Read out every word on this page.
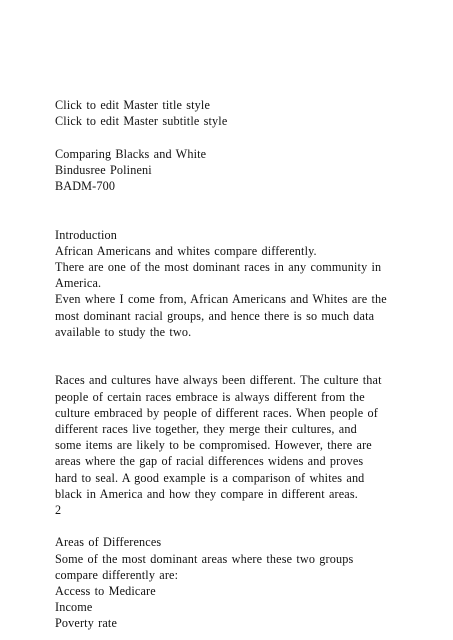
Click to edit Master title style
Click to edit Master subtitle style
Comparing Blacks and White
Bindusree Polineni
BADM-700
Introduction
African Americans and whites compare differently.
There are one of the most dominant races in any community in
America.
Even where I come from, African Americans and Whites are the
most dominant racial groups, and hence there is so much data
available to study the two.
Races and cultures have always been different. The culture that
people of certain races embrace is always different from the
culture embraced by people of different races. When people of
different races live together, they merge their cultures, and
some items are likely to be compromised. However, there are
areas where the gap of racial differences widens and proves
hard to seal. A good example is a comparison of whites and
black in America and how they compare in different areas.
2
Areas of Differences
Some of the most dominant areas where these two groups
compare differently are:
Access to Medicare
Income
Poverty rate
